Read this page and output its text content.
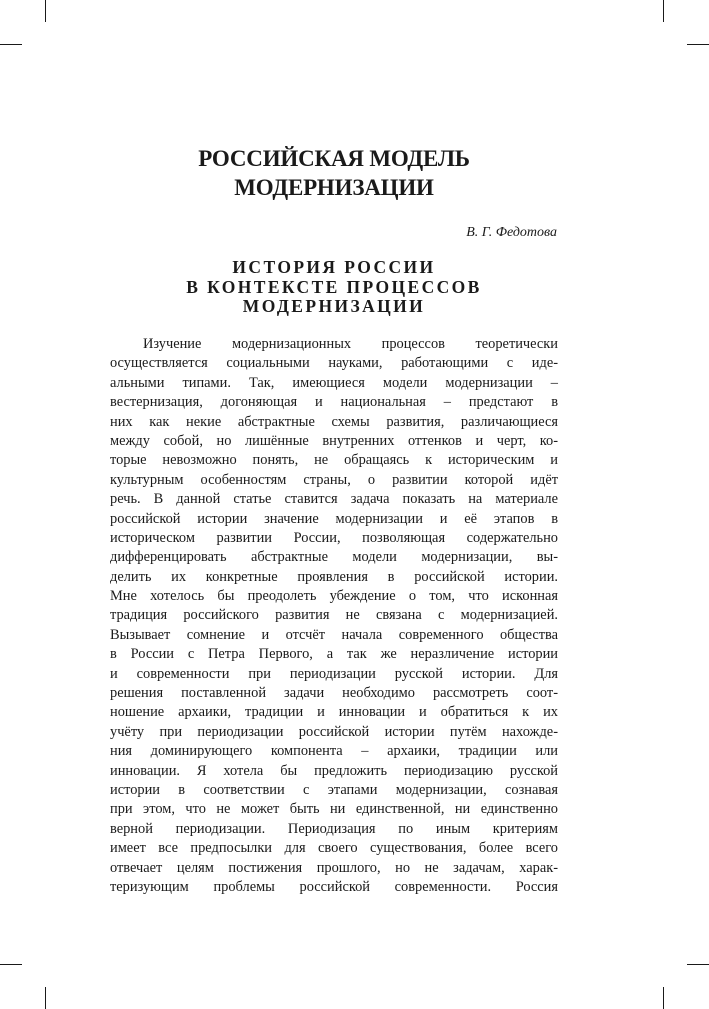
РОССИЙСКАЯ МОДЕЛЬ
МОДЕРНИЗАЦИИ
В. Г. Федотова
ИСТОРИЯ РОССИИ
В КОНТЕКСТЕ ПРОЦЕССОВ
МОДЕРНИЗАЦИИ
Изучение модернизационных процессов теоретически
осуществляется социальными науками, работающими с иде-
альными типами. Так, имеющиеся модели модернизации –
вестернизация, догоняющая и национальная – предстают в
них как некие абстрактные схемы развития, различающиеся
между собой, но лишённые внутренних оттенков и черт, ко-
торые невозможно понять, не обращаясь к историческим и
культурным особенностям страны, о развитии которой идёт
речь. В данной статье ставится задача показать на материале
российской истории значение модернизации и её этапов в
историческом развитии России, позволяющая содержательно
дифференцировать абстрактные модели модернизации, вы-
делить их конкретные проявления в российской истории.
Мне хотелось бы преодолеть убеждение о том, что исконная
традиция российского развития не связана с модернизацией.
Вызывает сомнение и отсчёт начала современного общества
в России с Петра Первого, а так же неразличение истории
и современности при периодизации русской истории. Для
решения поставленной задачи необходимо рассмотреть соот-
ношение архаики, традиции и инновации и обратиться к их
учёту при периодизации российской истории путём нахожде-
ния доминирующего компонента – архаики, традиции или
инновации. Я хотела бы предложить периодизацию русской
истории в соответствии с этапами модернизации, сознавая
при этом, что не может быть ни единственной, ни единственно
верной периодизации. Периодизация по иным критериям
имеет все предпосылки для своего существования, более всего
отвечает целям постижения прошлого, но не задачам, харак-
теризующим проблемы российской современности. Россия
